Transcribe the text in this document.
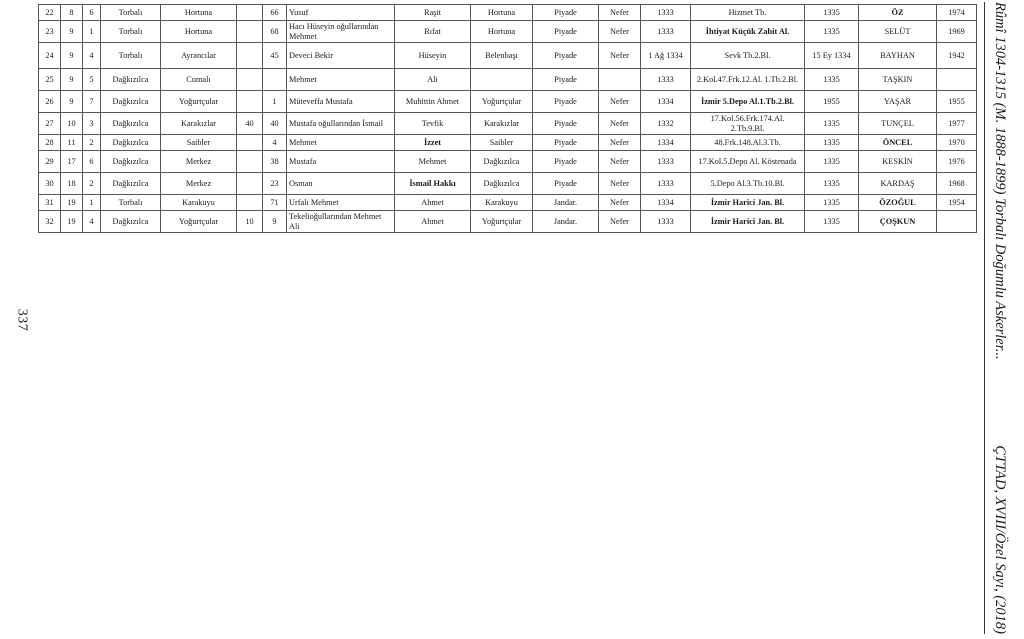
337	Rûmî 1304-1315 (M. 1888-1899) Torbalı Doğumlu Askerler...
ÇTTAD, XVIII/Özel Sayı, (2018)
22	8	6	Torbalı	Hortuna		66	Yusuf	Raşit	Hortuna	Piyade	Nefer	1333	Hizmet Tb.	1335	ÖZ	1974
23	9	1	Torbalı	Hortuna		68	Hacı Hüseyin oğullarından Mehmet	Rıfat	Hortuna	Piyade	Nefer	1333	İhtiyat Küçük Zabit Al.	1335	SELÜT	1969
24	9	4	Torbalı	Ayrancılar		45	Deveci Bekir	Hüseyin	Belenbaşı	Piyade	Nefer	1 Ağ 1334	Sevk Tb.2.Bl.	15 Ey 1334	BAYHAN	1942
25	9	5	Dağkızılca	Cumalı			Mehmet	Ali		Piyade		1333	2.Kol.47.Frk.12.Al. 1.Tb.2.Bl.	1335	TAŞKIN	
26	9	7	Dağkızılca	Yoğurtçular		1	Müteveffa Mustafa	Muhittin Ahmet	Yoğurtçular	Piyade	Nefer	1334	İzmir 5.Depo Al.1.Tb.2.Bl.	1955	YAŞAR	1955
27	10	3	Dağkızılca	Karakızlar	40	40	Mustafa oğullarından İsmail	Tevfik	Karakızlar	Piyade	Nefer	1332	17.Kol.56.Frk.174.Al. 2.Tb.9.Bl.	1335	TUNÇEL	1977
28	11	2	Dağkızılca	Saibler		4	Mehmet	İzzet	Saibler	Piyade	Nefer	1334	48.Frk.148.Al.3.Tb.	1335	ÖNCEL	1970
29	17	6	Dağkızılca	Merkez		38	Mustafa	Mehmet	Dağkızılca	Piyade	Nefer	1333	17.Kol.5.Depo Al. Köstenada	1335	KESKİN	1976
30	18	2	Dağkızılca	Merkez		23	Osman	İsmail Hakkı	Dağkızılca	Piyade	Nefer	1333	5.Depo Al.3.Tb.10.Bl.	1335	KARDAŞ	1968
31	19	1	Torbalı	Karakuyu		71	Urfalı Mehmet	Ahmet	Karakuyu	Jandar.	Nefer	1334	İzmir Harici Jan. Bl.	1335	ÖZOĞUL	1954
32	19	4	Dağkızılca	Yoğurtçular	10	9	Tekelioğullarından Mehmet Ali	Ahmet	Yoğurtçular	Jandar.	Nefer	1333	İzmir Harici Jan. Bl.	1335	ÇOŞKUN	
